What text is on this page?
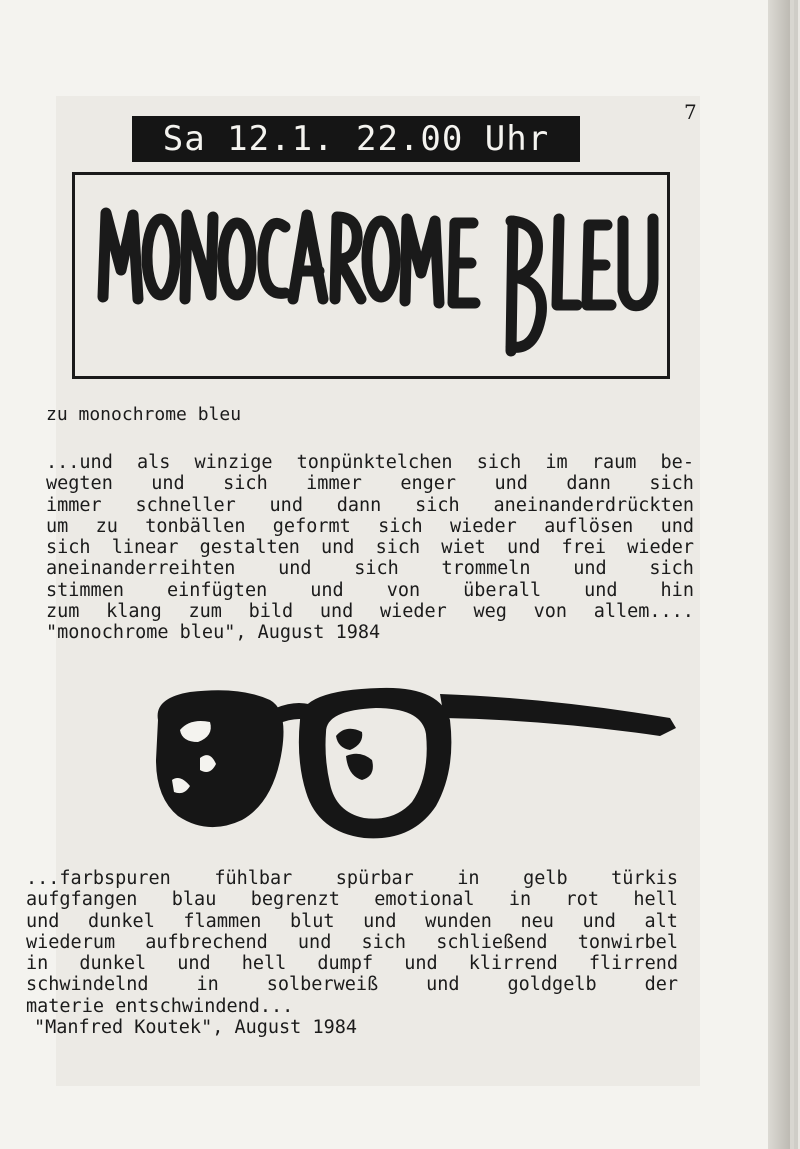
7
Sa 12.1. 22.00 Uhr
zu monochrome bleu
...und als winzige tonpünktelchen sich im raum be-
wegten und sich immer enger und dann sich
immer schneller und dann sich aneinanderdrückten
um zu tonbällen geformt sich wieder auflösen und
sich linear gestalten und sich wiet und frei wieder
aneinanderreihten und sich trommeln und sich
stimmen einfügten und von überall und hin
zum klang zum bild und wieder weg von allem....
"monochrome bleu", August 1984
...farbspuren fühlbar spürbar in gelb türkis
aufgfangen blau begrenzt emotional in rot hell
und dunkel flammen blut und wunden neu und alt
wiederum aufbrechend und sich schließend tonwirbel
in dunkel und hell dumpf und klirrend flirrend
schwindelnd	in	solberweiß	und	goldgelb	der
materie entschwindend...
"Manfred Koutek", August 1984
